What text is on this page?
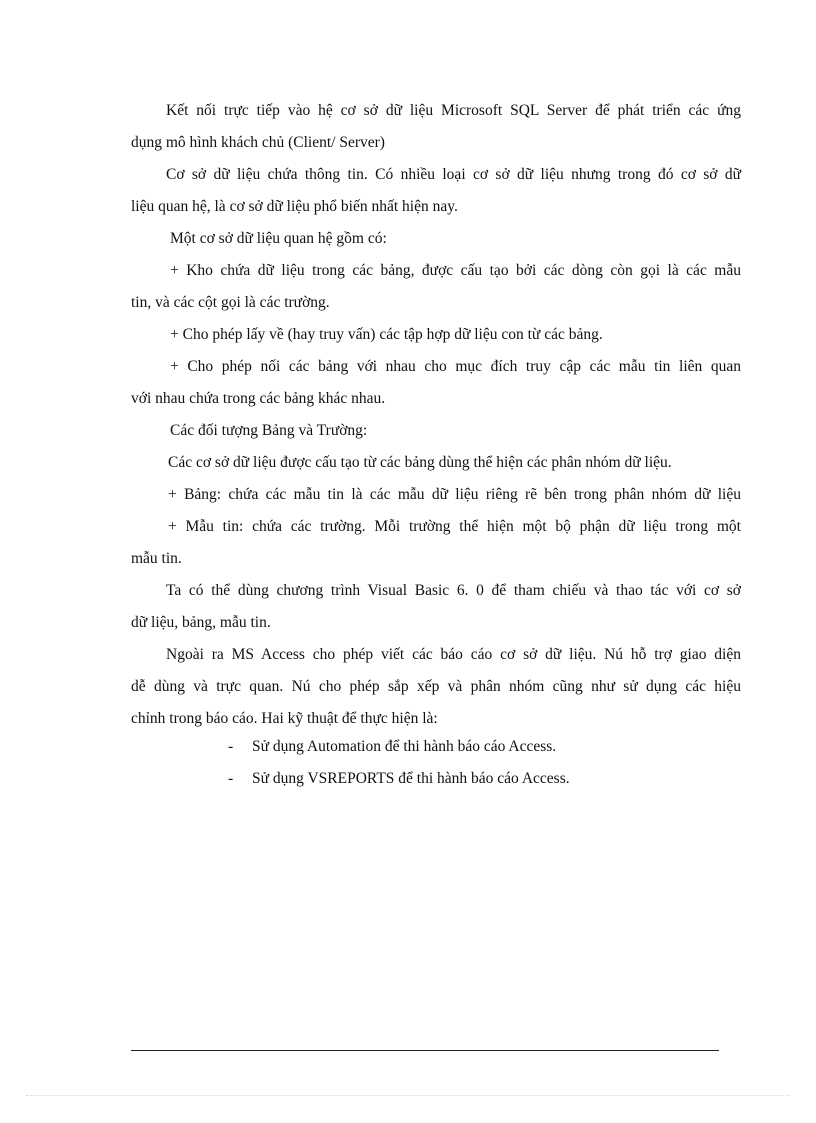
Kết nối trực tiếp vào hệ cơ sở dữ liệu Microsoft SQL Server để phát triển các ứng
dụng mô hình khách chủ (Client/ Server)
Cơ sở dữ liệu chứa thông tin. Có nhiều loại cơ sở dữ liệu nhưng trong đó cơ sở dữ
liệu quan hệ, là cơ sở dữ liệu phổ biến nhất hiện nay.
Một cơ sở dữ liệu quan hệ gồm có:
+ Kho chứa dữ liệu trong các bảng, được cấu tạo bởi các dòng còn gọi là các mẫu
tin, và các cột gọi là các trường.
+ Cho phép lấy về (hay truy vấn) các tập hợp dữ liệu con từ các bảng.
+ Cho phép nối các bảng với nhau cho mục đích truy cập các mẫu tin liên quan
với nhau chứa trong các bảng khác nhau.
Các đối tượng Bảng và Trường:
Các cơ sở dữ liệu được cấu tạo từ các bảng dùng thể hiện các phân nhóm dữ liệu.
+ Bảng: chứa các mẫu tin là các mẫu dữ liệu riêng rẽ bên trong phân nhóm dữ liệu
+ Mẫu tin: chứa các trường. Mỗi trường thể hiện một bộ phận dữ liệu trong một
mẫu tin.
Ta có thể dùng chương trình Visual Basic 6. 0 để tham chiếu và thao tác với cơ sở
dữ liệu, bảng, mẫu tin.
Ngoài ra MS Access cho phép viết các báo cáo cơ sở dữ liệu. Nú hỗ trợ giao diện
dễ dùng và trực quan. Nú cho phép sắp xếp và phân nhóm cũng như sử dụng các hiệu
chỉnh trong báo cáo. Hai kỹ thuật để thực hiện là:
- Sử dụng Automation để thi hành báo cáo Access.
- Sử dụng VSREPORTS để thi hành báo cáo Access.
